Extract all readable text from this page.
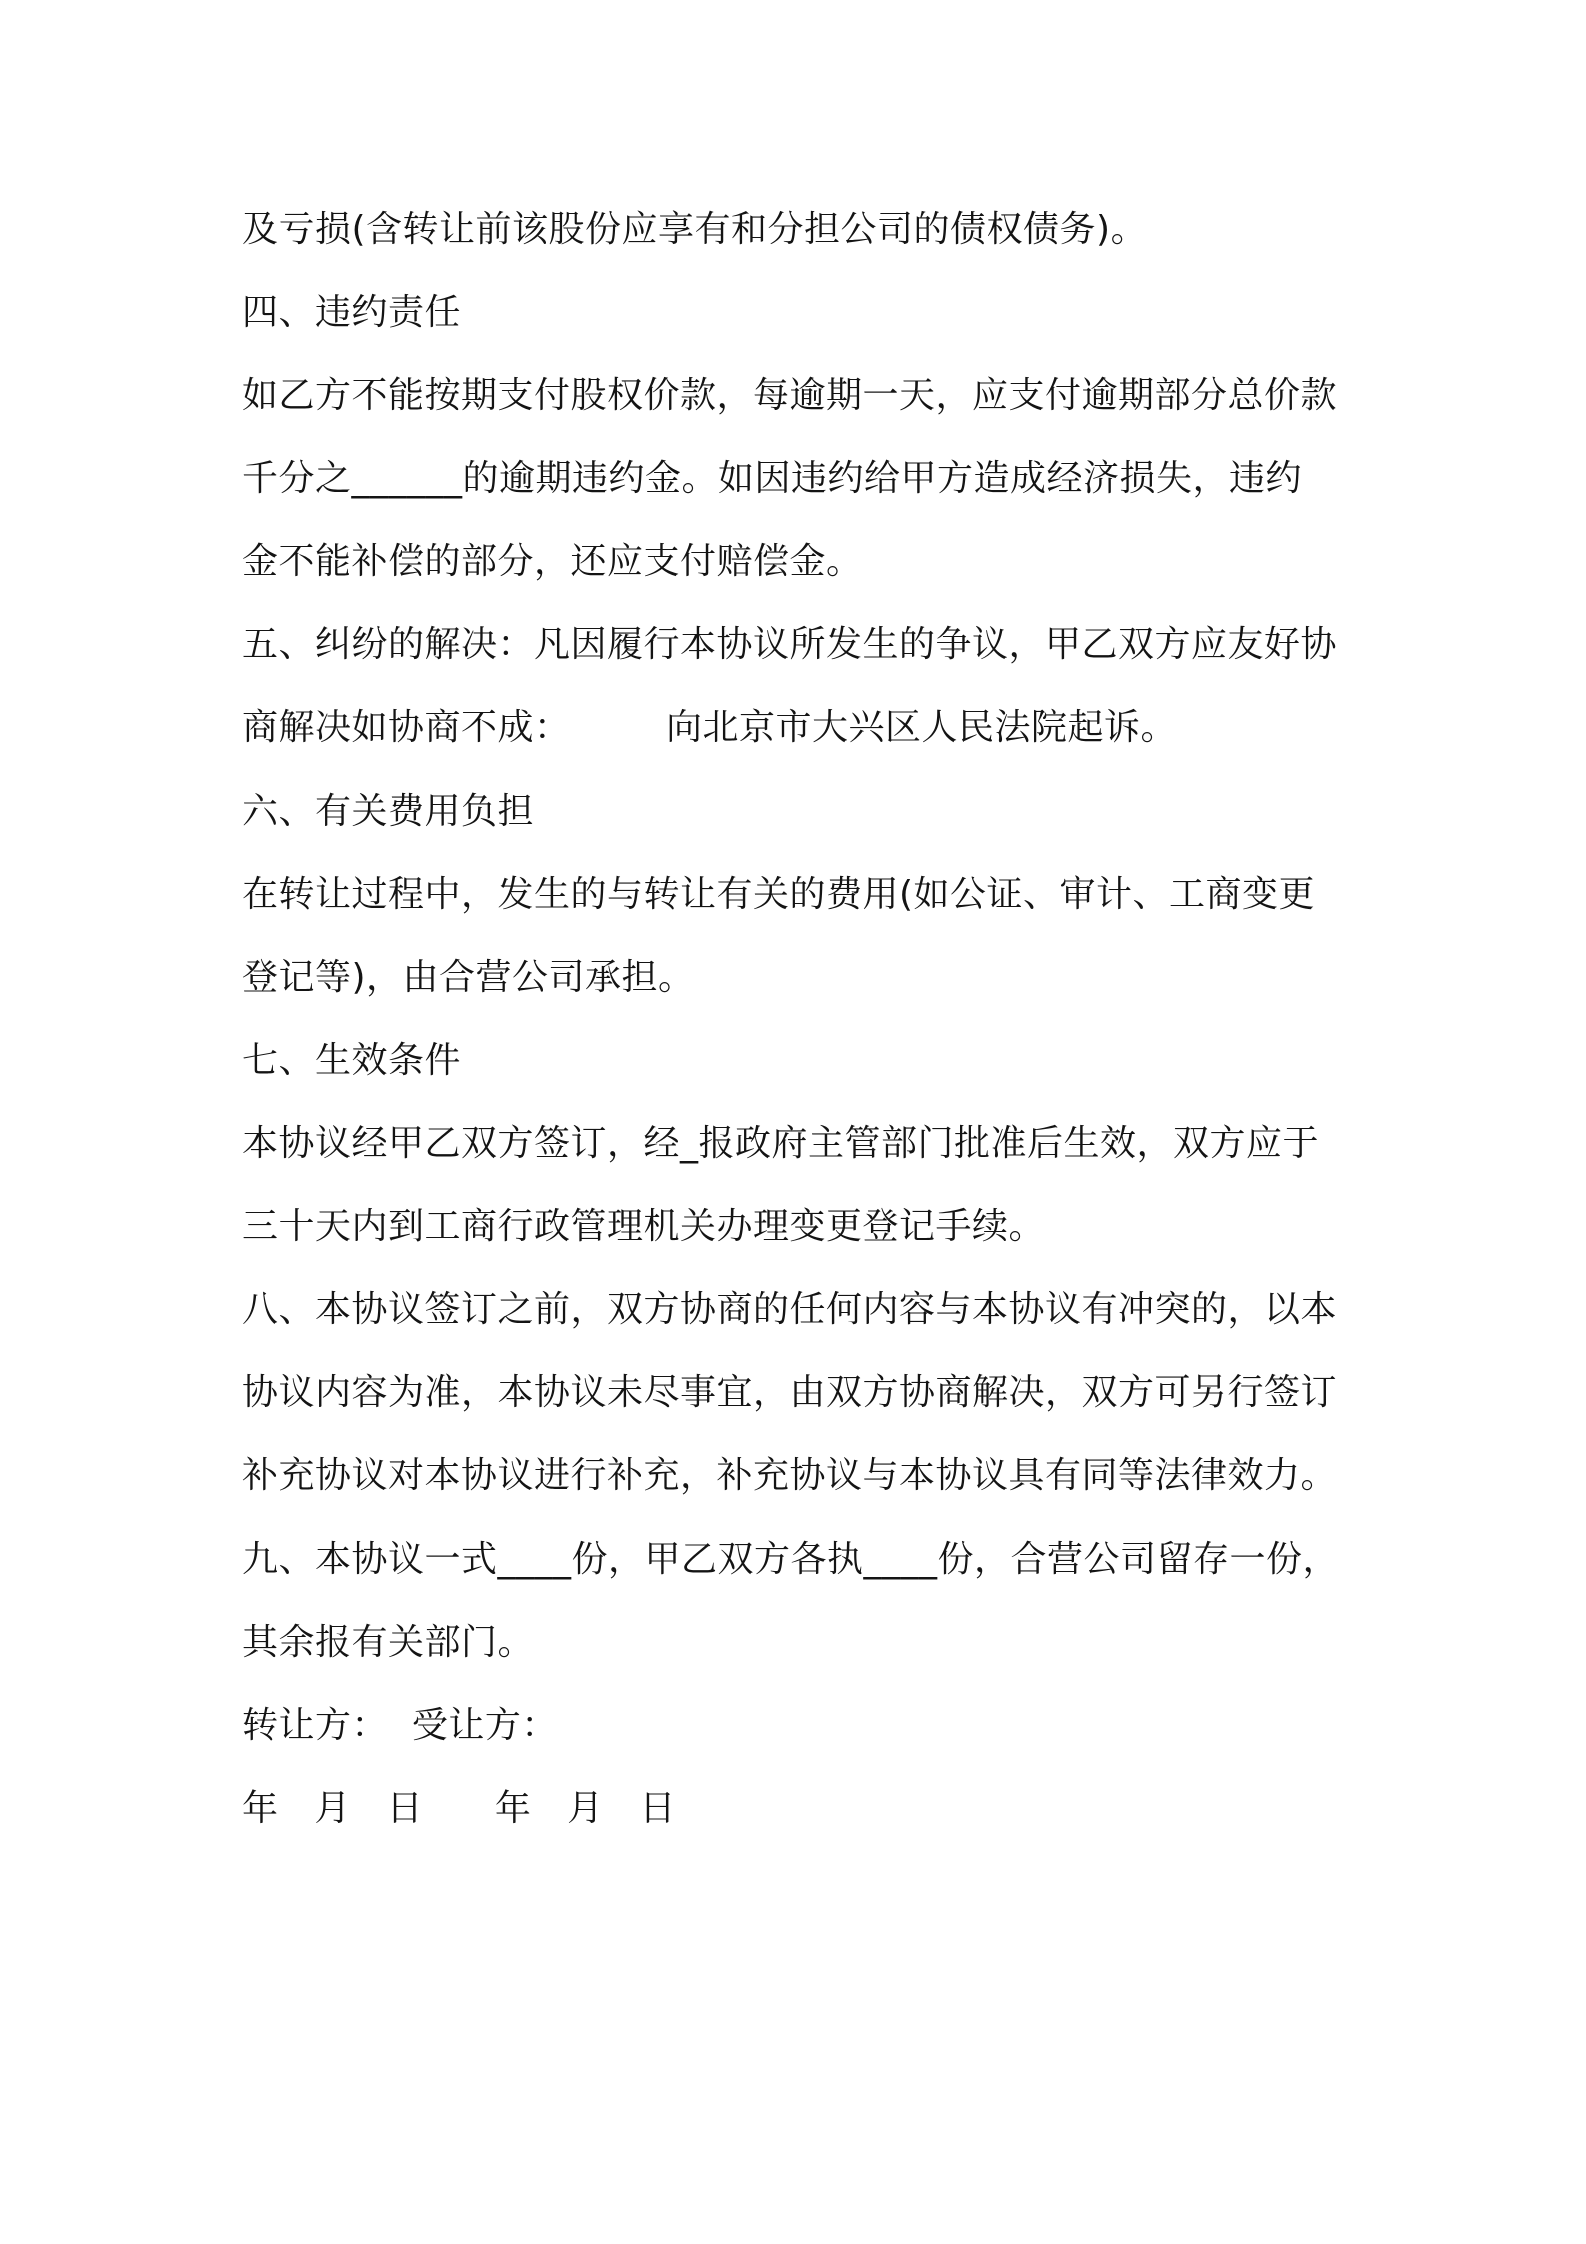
及亏损(含转让前该股份应享有和分担公司的债权债务)。
四、违约责任
如乙方不能按期支付股权价款，每逾期一天，应支付逾期部分总价款
千分之______的逾期违约金。如因违约给甲方造成经济损失，违约
金不能补偿的部分，还应支付赔偿金。
五、纠纷的解决：凡因履行本协议所发生的争议，甲乙双方应友好协
商解决如协商不成：        向北京市大兴区人民法院起诉。
六、有关费用负担
在转让过程中，发生的与转让有关的费用(如公证、审计、工商变更
登记等)，由合营公司承担。
七、生效条件
本协议经甲乙双方签订，经_报政府主管部门批准后生效，双方应于
三十天内到工商行政管理机关办理变更登记手续。
八、本协议签订之前，双方协商的任何内容与本协议有冲突的，以本
协议内容为准，本协议未尽事宜，由双方协商解决，双方可另行签订
补充协议对本协议进行补充，补充协议与本协议具有同等法律效力。
九、本协议一式____份，甲乙双方各执____份，合营公司留存一份，
其余报有关部门。
转让方：  受让方：
年   月   日      年   月   日
